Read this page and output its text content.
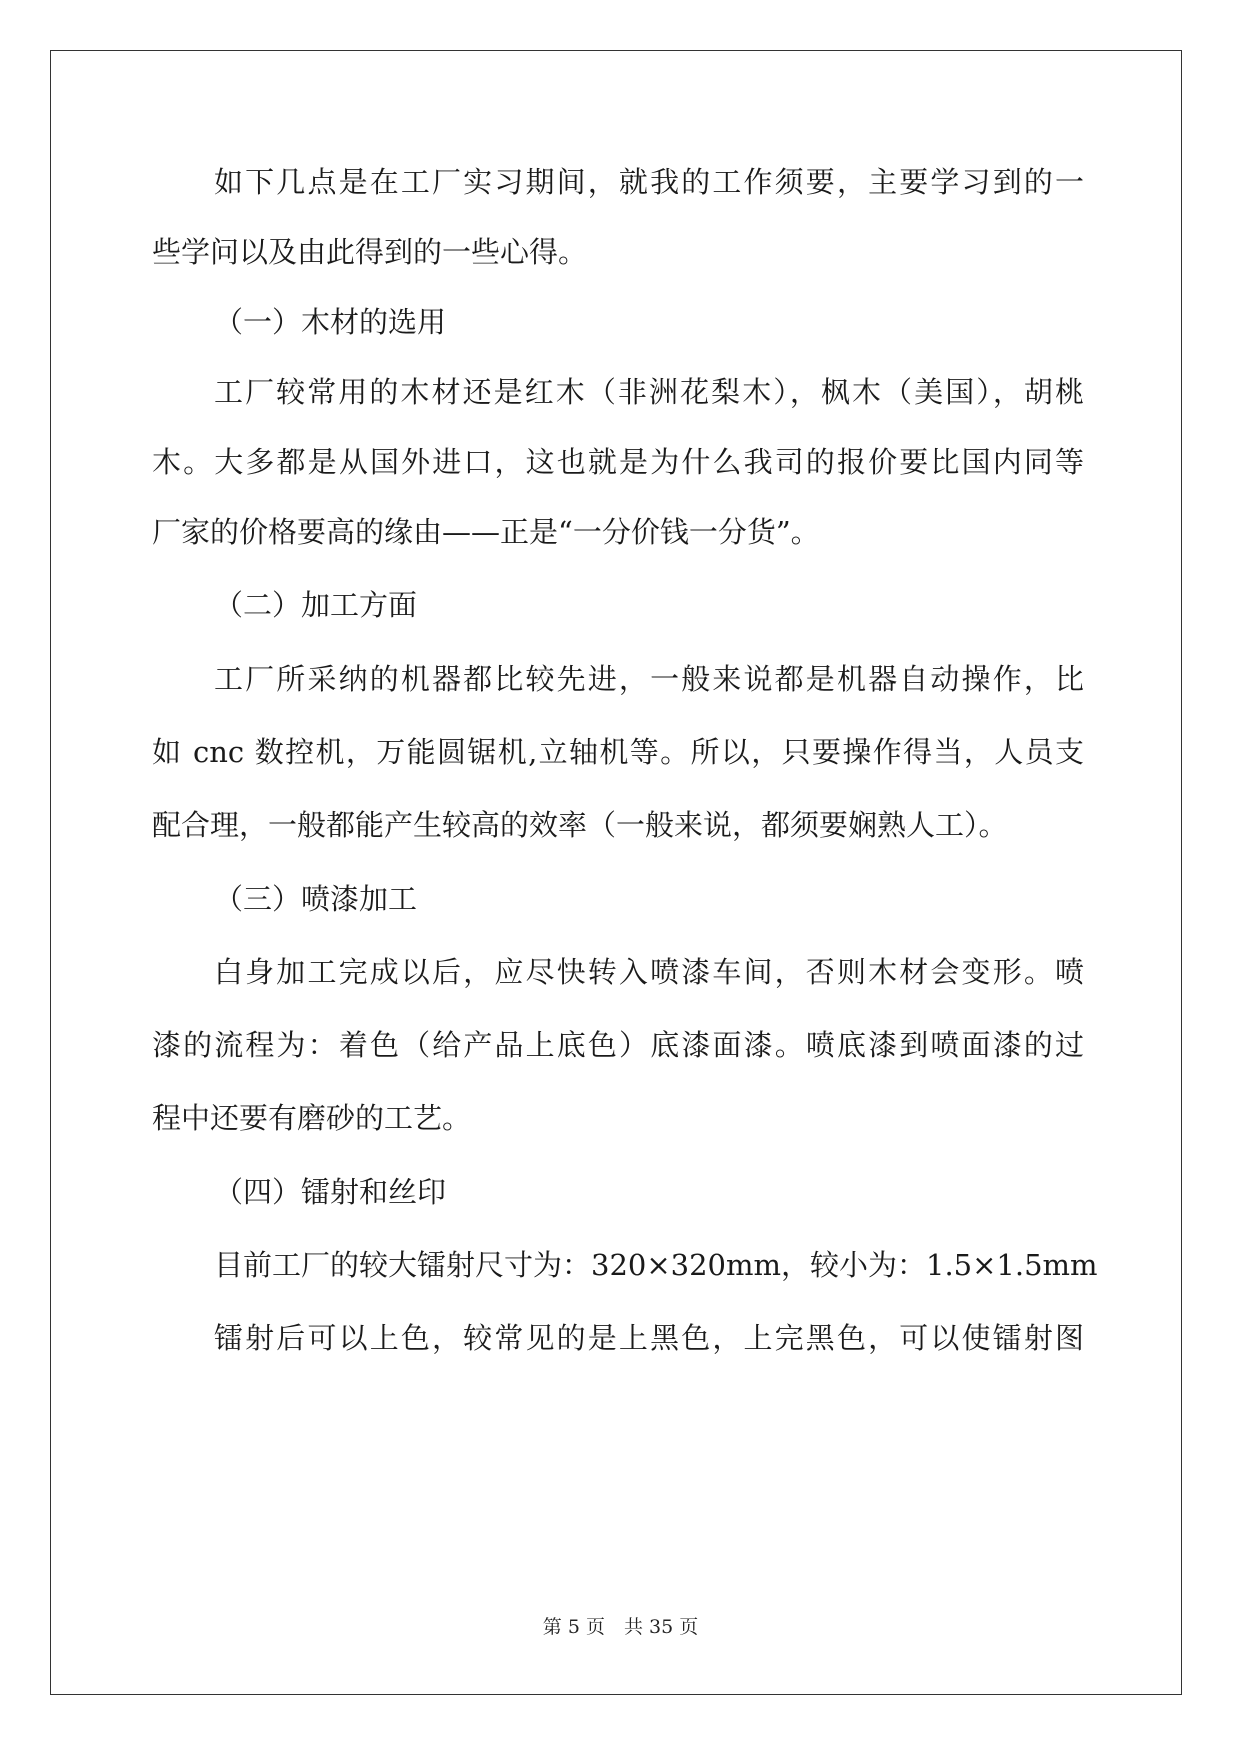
如下几点是在工厂实习期间，就我的工作须要，主要学习到的一
些学问以及由此得到的一些心得。
（一）木材的选用
工厂较常用的木材还是红木（非洲花梨木），枫木（美国），胡桃
木。大多都是从国外进口，这也就是为什么我司的报价要比国内同等
厂家的价格要高的缘由——正是“一分价钱一分货”。
（二）加工方面
工厂所采纳的机器都比较先进，一般来说都是机器自动操作，比
如 cnc 数控机，万能圆锯机,立轴机等。所以，只要操作得当，人员支
配合理，一般都能产生较高的效率（一般来说，都须要娴熟人工）。
（三）喷漆加工
白身加工完成以后，应尽快转入喷漆车间，否则木材会变形。喷
漆的流程为：着色（给产品上底色）底漆面漆。喷底漆到喷面漆的过
程中还要有磨砂的工艺。
（四）镭射和丝印
目前工厂的较大镭射尺寸为：320×320mm，较小为：1.5×1.5mm
镭射后可以上色，较常见的是上黑色，上完黑色，可以使镭射图
第 5 页　共 35 页
